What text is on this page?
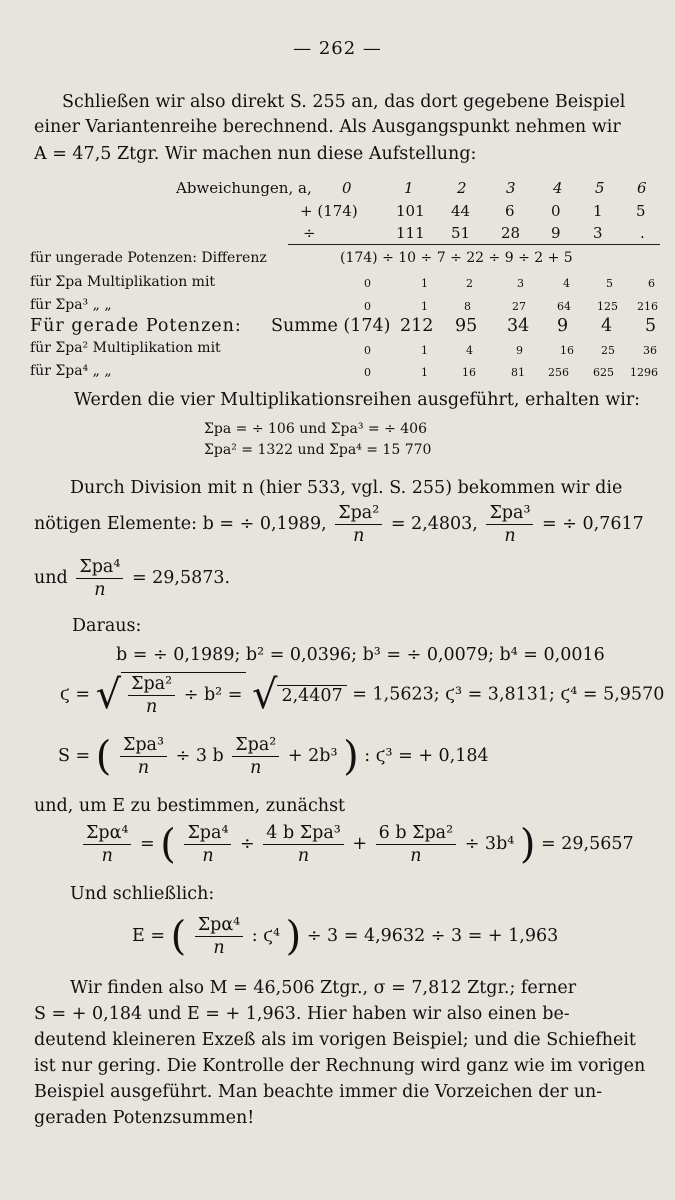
— 262 —
Schließen wir also direkt S. 255 an, das dort gegebene Beispiel
einer Variantenreihe berechnend. Als Ausgangspunkt nehmen wir
A = 47,5 Ztgr. Wir machen nun diese Aufstellung:
Abweichungen, a, 0	1	2	3 4 5 6
+ (174)	101 44 6 0 1 5
÷	111 51 28 9 3 .
für ungerade Potenzen: Differenz	(174) ÷ 10 ÷ 7 ÷ 22 ÷ 9 ÷ 2 + 5
für Σpa Multiplikation mit	0	1	2	3	4	5	6
für Σpa³ „ „	0	1	8	27	64 125 216
Für gerade Potenzen: Summe (174) 212 95 34 9 4 5
für Σpa² Multiplikation mit	0	1	4	9	16 25	36
für Σpa⁴ „ „	0	1	16	81 256 625 1296
Werden die vier Multiplikationsreihen ausgeführt, erhalten wir:
Σpa = ÷ 106 und Σpa³ = ÷ 406
Σpa² = 1322 und Σpa⁴ = 15 770
Durch Division mit n (hier 533, vgl. S. 255) bekommen wir die
nötigen Elemente: b = ÷ 0,1989, $\frac{\text{Σpa²}}{n} = 2,4803$, $\frac{\text{Σpa³}}{n}$ = ÷ 0,7617
und $\frac{\text{Σpa⁴}}{n} = 29,5873$.
Daraus:
b = ÷ 0,1989; b² = 0,0396; b³ = ÷ 0,0079; b⁴ = 0,0016
ϛ = √ $\frac{\text{Σpa²}}{n} \div b^2$ = √ 2,4407 = 1,5623; ϛ³ = 3,8131; ϛ⁴ = 5,9570
S = ( $\frac{\text{Σpa³}}{n} \div 3$ b $\frac{\text{Σpa²}}{n} + 2b^3$ ) : ϛ³ = + 0,184
und, um E zu bestimmen, zunächst
$\frac{\text{Σpα⁴}}{n}$ = ( $\frac{\text{Σpa⁴}}{n} \div \frac{\text{4 b Σpa³}}{n} + \frac{\text{6 b Σpa²}}{n} \div 3b^4$ ) = 29,5657
Und schließlich:
E = ( $\frac{\text{Σpα⁴}}{n}$ : ϛ⁴ ) ÷ 3 = 4,9632 ÷ 3 = + 1,963
Wir finden also M = 46,506 Ztgr., σ = 7,812 Ztgr.; ferner
S = + 0,184 und E = + 1,963. Hier haben wir also einen be-
deutend kleineren Exzeß als im vorigen Beispiel; und die Schiefheit
ist nur gering. Die Kontrolle der Rechnung wird ganz wie im vorigen
Beispiel ausgeführt. Man beachte immer die Vorzeichen der un-
geraden Potenzsummen!
